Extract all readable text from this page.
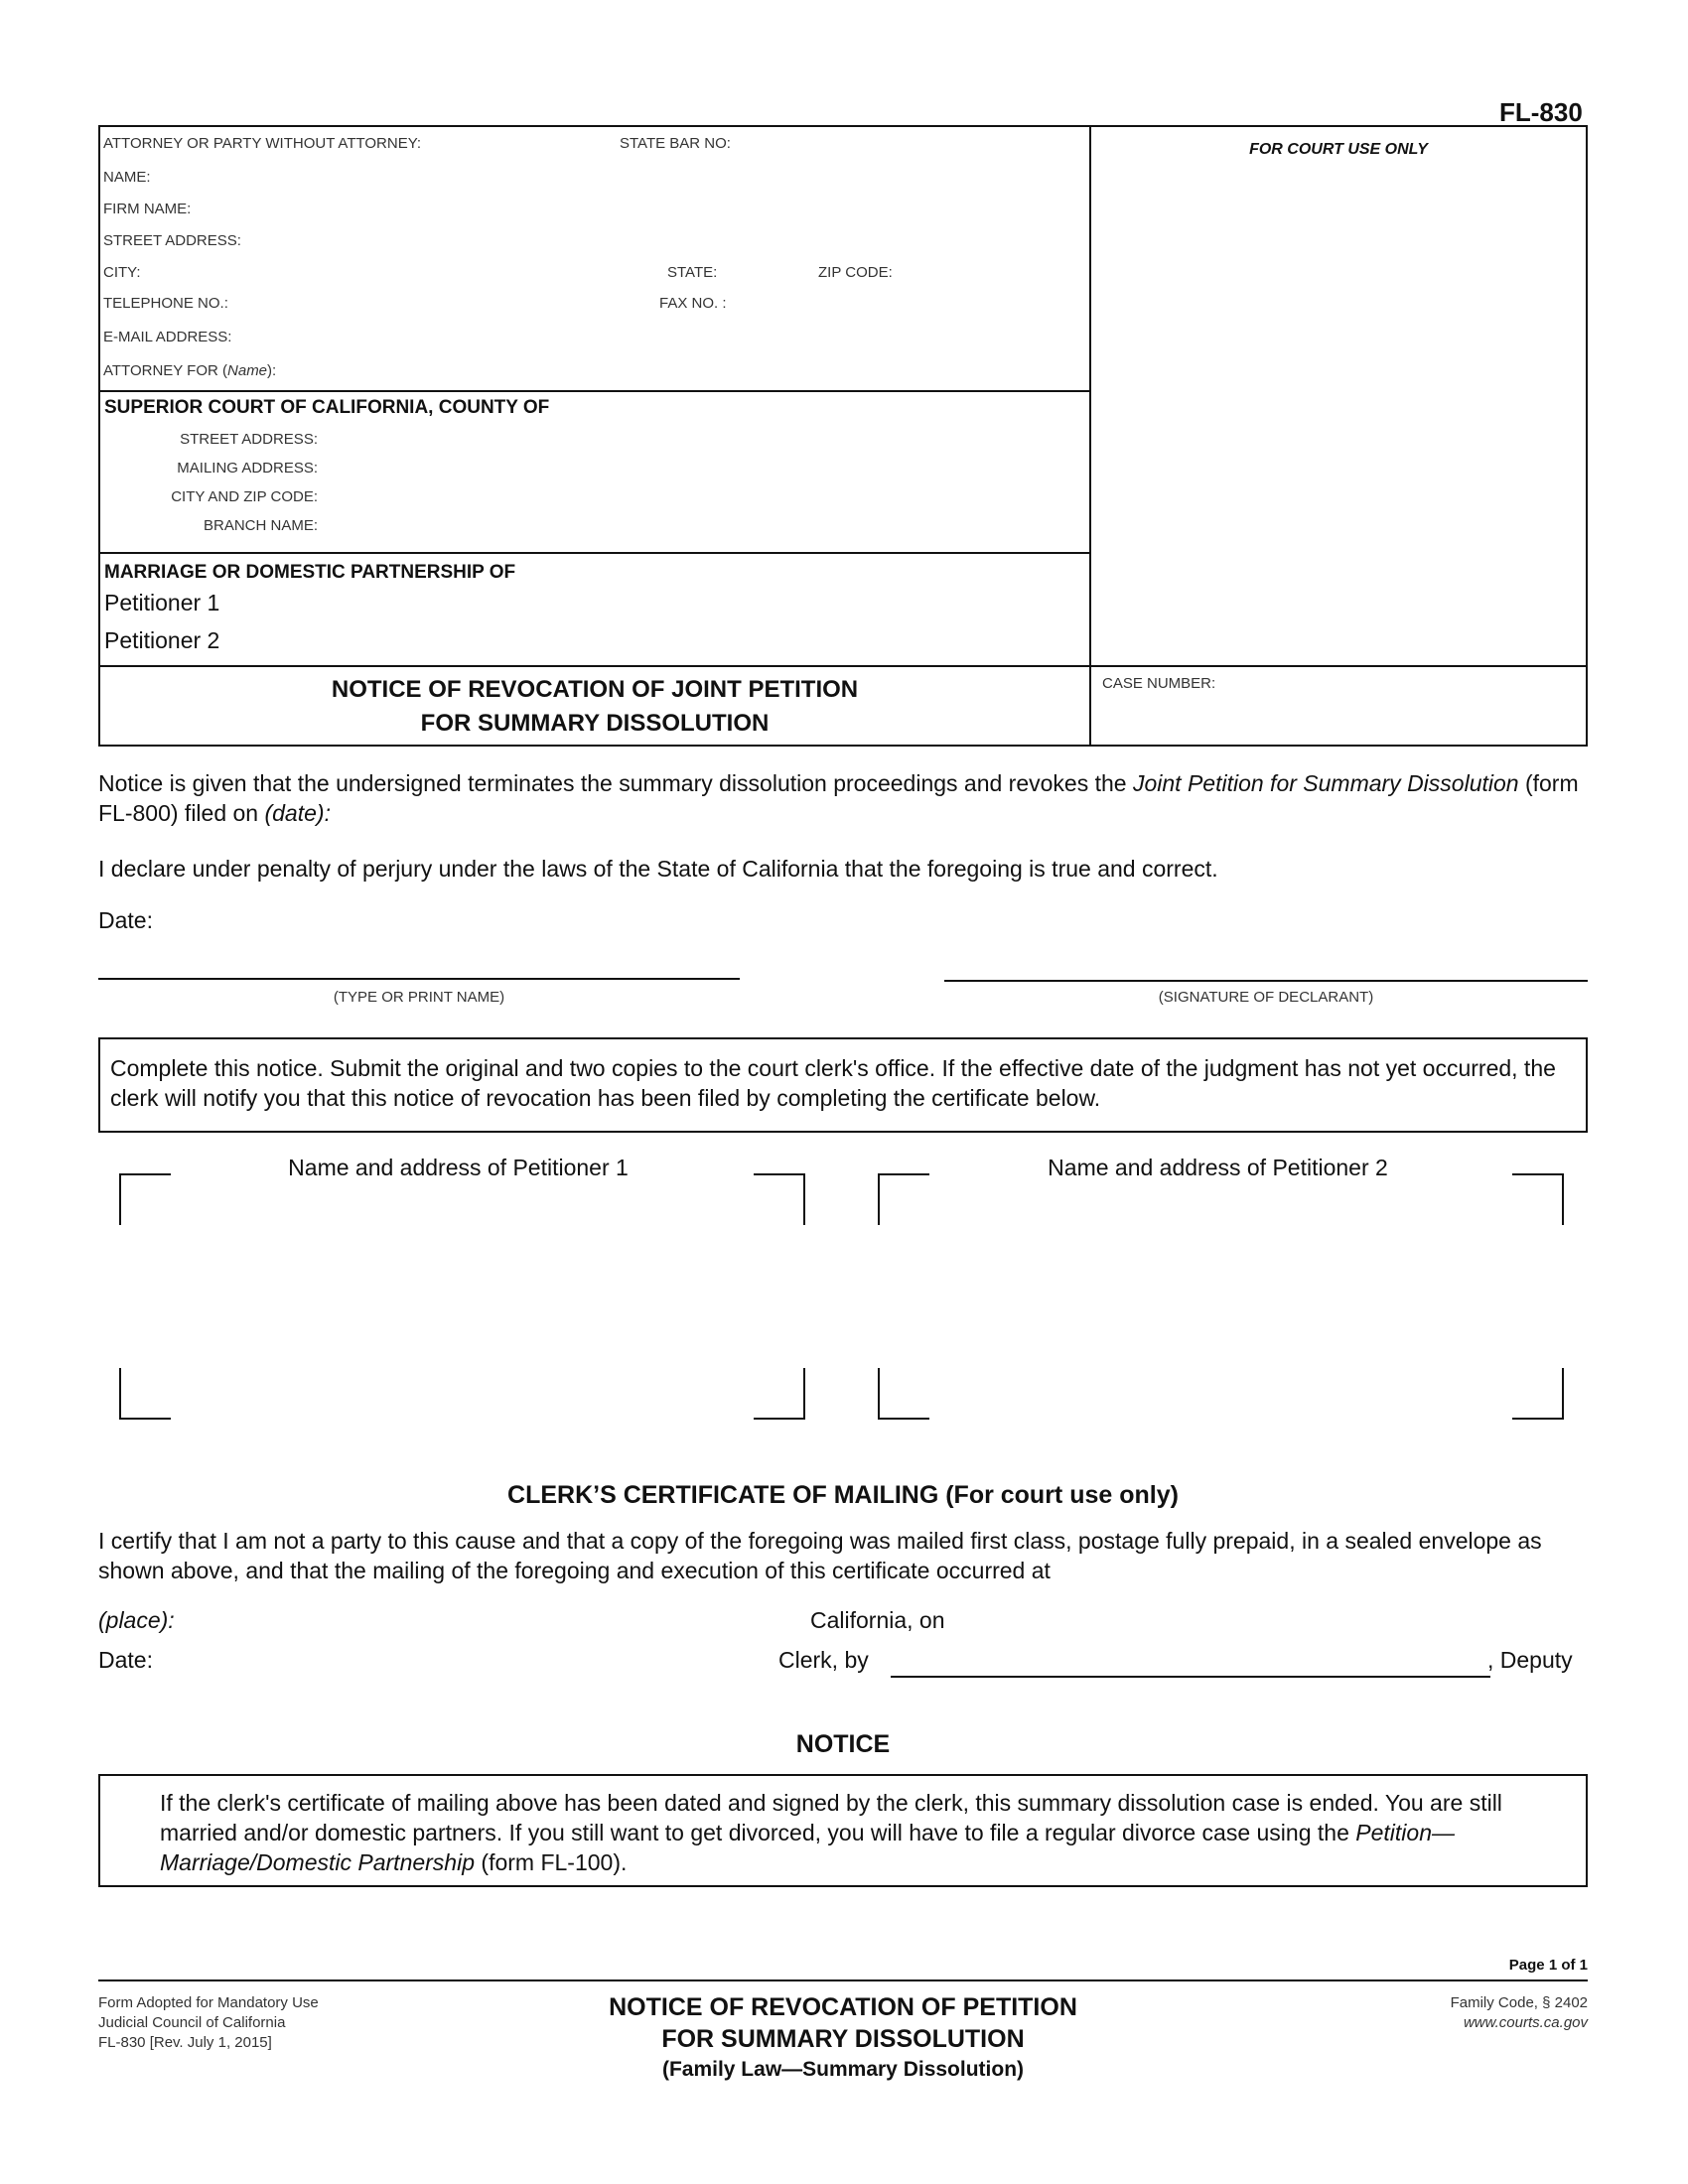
FL-830
ATTORNEY OR PARTY WITHOUT ATTORNEY:	STATE BAR NO:
NAME:
FIRM NAME:
STREET ADDRESS:
CITY:	STATE:	ZIP CODE:
TELEPHONE NO.:	FAX NO. :
E-MAIL ADDRESS:
ATTORNEY FOR (Name):
FOR COURT USE ONLY
SUPERIOR COURT OF CALIFORNIA, COUNTY OF
STREET ADDRESS:
MAILING ADDRESS:
CITY AND ZIP CODE:
BRANCH NAME:
MARRIAGE OR DOMESTIC PARTNERSHIP OF
Petitioner 1
Petitioner 2
NOTICE OF REVOCATION OF JOINT PETITION
FOR SUMMARY DISSOLUTION
CASE NUMBER:
Notice is given that the undersigned terminates the summary dissolution proceedings and revokes the Joint Petition for Summary Dissolution (form FL-800) filed on (date):
I declare under penalty of perjury under the laws of the State of California that the foregoing is true and correct.
Date:
(TYPE OR PRINT NAME)	(SIGNATURE OF DECLARANT)
Complete this notice. Submit the original and two copies to the court clerk's office. If the effective date of the judgment has not yet occurred, the clerk will notify you that this notice of revocation has been filed by completing the certificate below.
Name and address of Petitioner 1	Name and address of Petitioner 2
CLERK’S CERTIFICATE OF MAILING (For court use only)
I certify that I am not a party to this cause and that a copy of the foregoing was mailed first class, postage fully prepaid, in a sealed envelope as shown above, and that the mailing of the foregoing and execution of this certificate occurred at
(place):	California, on
Date:	Clerk, by	, Deputy
NOTICE
If the clerk's certificate of mailing above has been dated and signed by the clerk, this summary dissolution case is ended. You are still married and/or domestic partners. If you still want to get divorced, you will have to file a regular divorce case using the Petition—Marriage/Domestic Partnership (form FL-100).
Page 1 of 1
Form Adopted for Mandatory Use
Judicial Council of California
FL-830 [Rev. July 1, 2015]
NOTICE OF REVOCATION OF PETITION
FOR SUMMARY DISSOLUTION
(Family Law—Summary Dissolution)
Family Code, § 2402
www.courts.ca.gov
